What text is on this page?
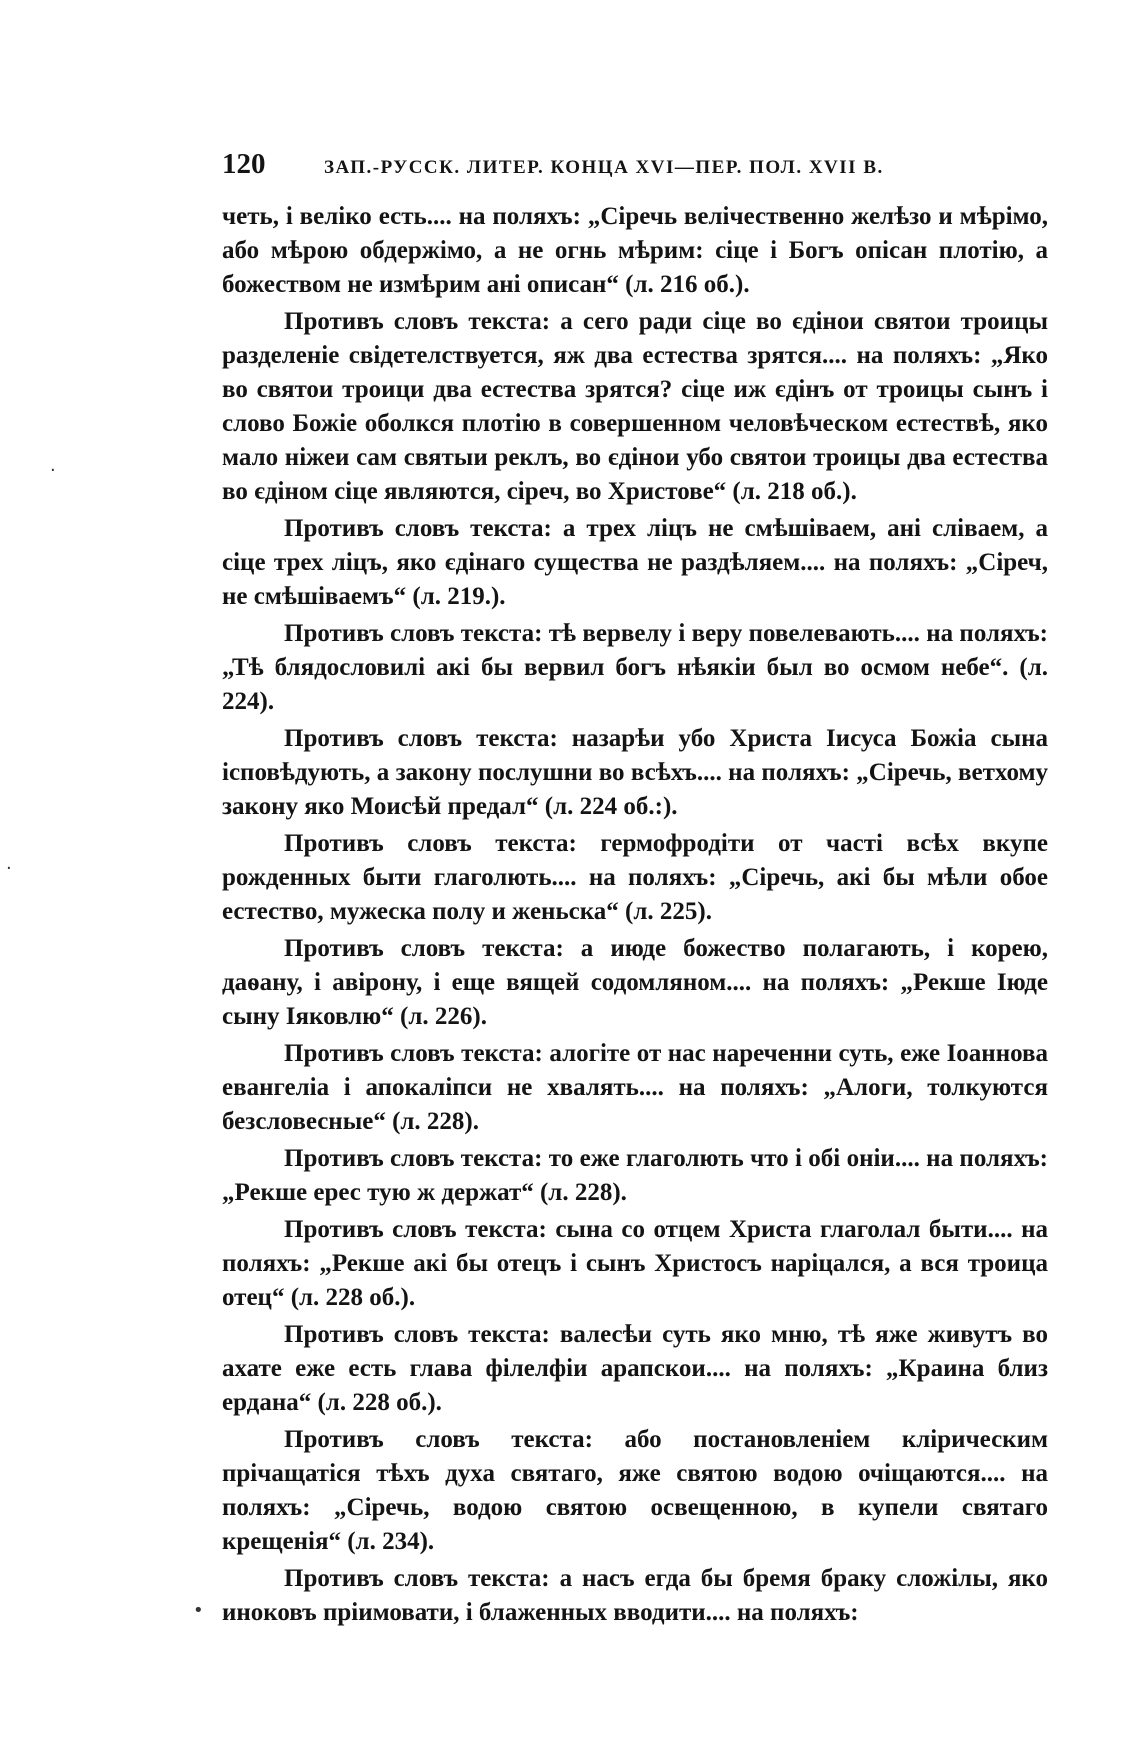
120	ЗАП.-РУССК. ЛИТЕР. КОНЦА XVI—ПЕР. ПОЛ. XVII В.

четь, і веліко есть.... на поляхъ: „Сіречь велічественно желѣзо и мѣрімо, або мѣрою обдержімо, а не огнь мѣрим: сіце і Богъ опісан плотію, а божеством не измѣрим ані описан“ (л. 216 об.).

Противъ словъ текста: а сего ради сіце во єдінои святои троицы разделеніе свідетелствуется, яж два естества зрятся.... на поляхъ: „Яко во святои троици два естества зрятся? сіце иж єдінъ от троицы сынъ і слово Божіе оболкся плотію в совершенном человѣческом естествѣ, яко мало ніжеи сам святыи реклъ, во єдінои убо святои троицы два естества во єдіном сіце являются, сіреч, во Христовe“ (л. 218 об.).

Противъ словъ текста: а трех ліцъ не смѣшіваем, ані сліваем, а сіце трех ліцъ, яко єдінаго существа не раздѣляем.... на поляхъ: „Сіреч, не смѣшіваемъ“ (л. 219.).

Противъ словъ текста: тѣ вервелу і веру повелевають.... на поляхъ: „Тѣ блядословилі акі бы вервил богъ нѣякіи был во осмом небе“. (л. 224).

Противъ словъ текста: назарѣи убо Христа Іисуса Божіа сына ісповѣдують, а закону послушни во всѣхъ.... на поляхъ: „Сіречь, ветхому закону яко Моисѣй предал“ (л. 224 об.:).

Противъ словъ текста: гермофродіти от частi всѣх вкупе рожденных быти глаголють.... на поляхъ: „Сіречь, акі бы мѣли обое естество, мужеска полу и женьска“ (л. 225).

Противъ словъ текста: а июде божество полагають, і корею, даѳану, і авірону, і еще вящей содомляном.... на поляхъ: „Рекше Іюде сыну Іяковлю“ (л. 226).

Противъ словъ текста: алогіте от нас нареченни суть, еже Іоаннова евангеліа і апокаліпси не хвалять.... на поляхъ: „Алоги, толкуются безсловесные“ (л. 228).

Противъ словъ текста: то еже глаголють что і обі оніи.... на поляхъ: „Рекше ерес тую ж держат“ (л. 228).

Противъ словъ текста: сына со отцем Христа глаголал быти.... на поляхъ: „Рекше акі бы отецъ і сынъ Христосъ наріцался, а вся троица отец“ (л. 228 об.).

Противъ словъ текста: валесѣи суть яко мню, тѣ яже живутъ во ахате еже есть глава філелфіи арапскои.... на поляхъ: „Краина близ ердана“ (л. 228 об.).

Противъ словъ текста: або постановленіем клірическим прічащатіся тѣхъ духа святаго, яже святою водою очіщаются.... на поляхъ: „Сіречь, водою святою освещенною, в купели святаго крещенія“ (л. 234).

Противъ словъ текста: а насъ егда бы бремя браку сложілы, яко иноковъ пріимовати, і блаженных вводити.... на поляхъ:

·
·
•
